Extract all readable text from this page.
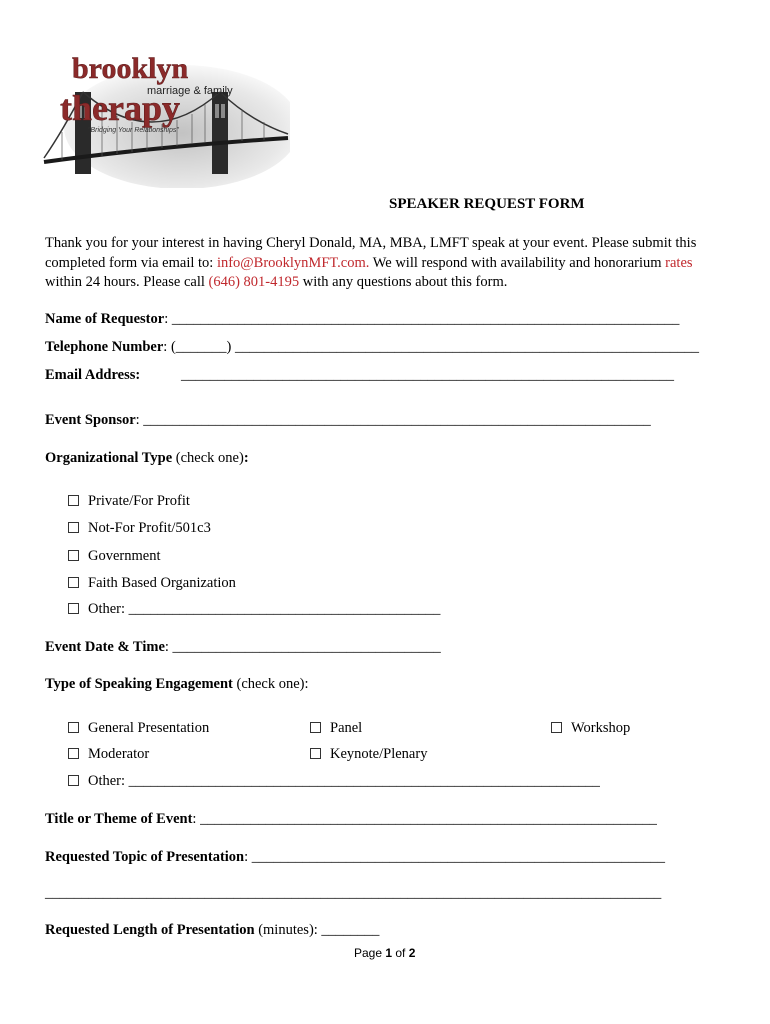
brooklyn
marriage & family
therapy
"Bridging Your Relationships"
SPEAKER REQUEST FORM
Thank you for your interest in having Cheryl Donald, MA, MBA, LMFT speak at your event. Please submit this completed form via email to: info@BrooklynMFT.com. We will respond with availability and honorarium rates within 24 hours. Please call (646) 801-4195 with any questions about this form.
Name of Requestor: ______________________________________________________________________
Telephone Number: (_______) ________________________________________________________________
Email Address:	____________________________________________________________________
Event Sponsor: ______________________________________________________________________
Organizational Type (check one):
Private/For Profit
Not-For Profit/501c3
Government
Faith Based Organization
Other: ___________________________________________
Event Date & Time: _____________________________________
Type of Speaking Engagement (check one):
General Presentation	Panel	Workshop
Moderator	Keynote/Plenary
Other: _________________________________________________________________
Title or Theme of Event: _______________________________________________________________
Requested Topic of Presentation: _________________________________________________________
_____________________________________________________________________________________
Requested Length of Presentation (minutes): ________
Page 1 of 2
